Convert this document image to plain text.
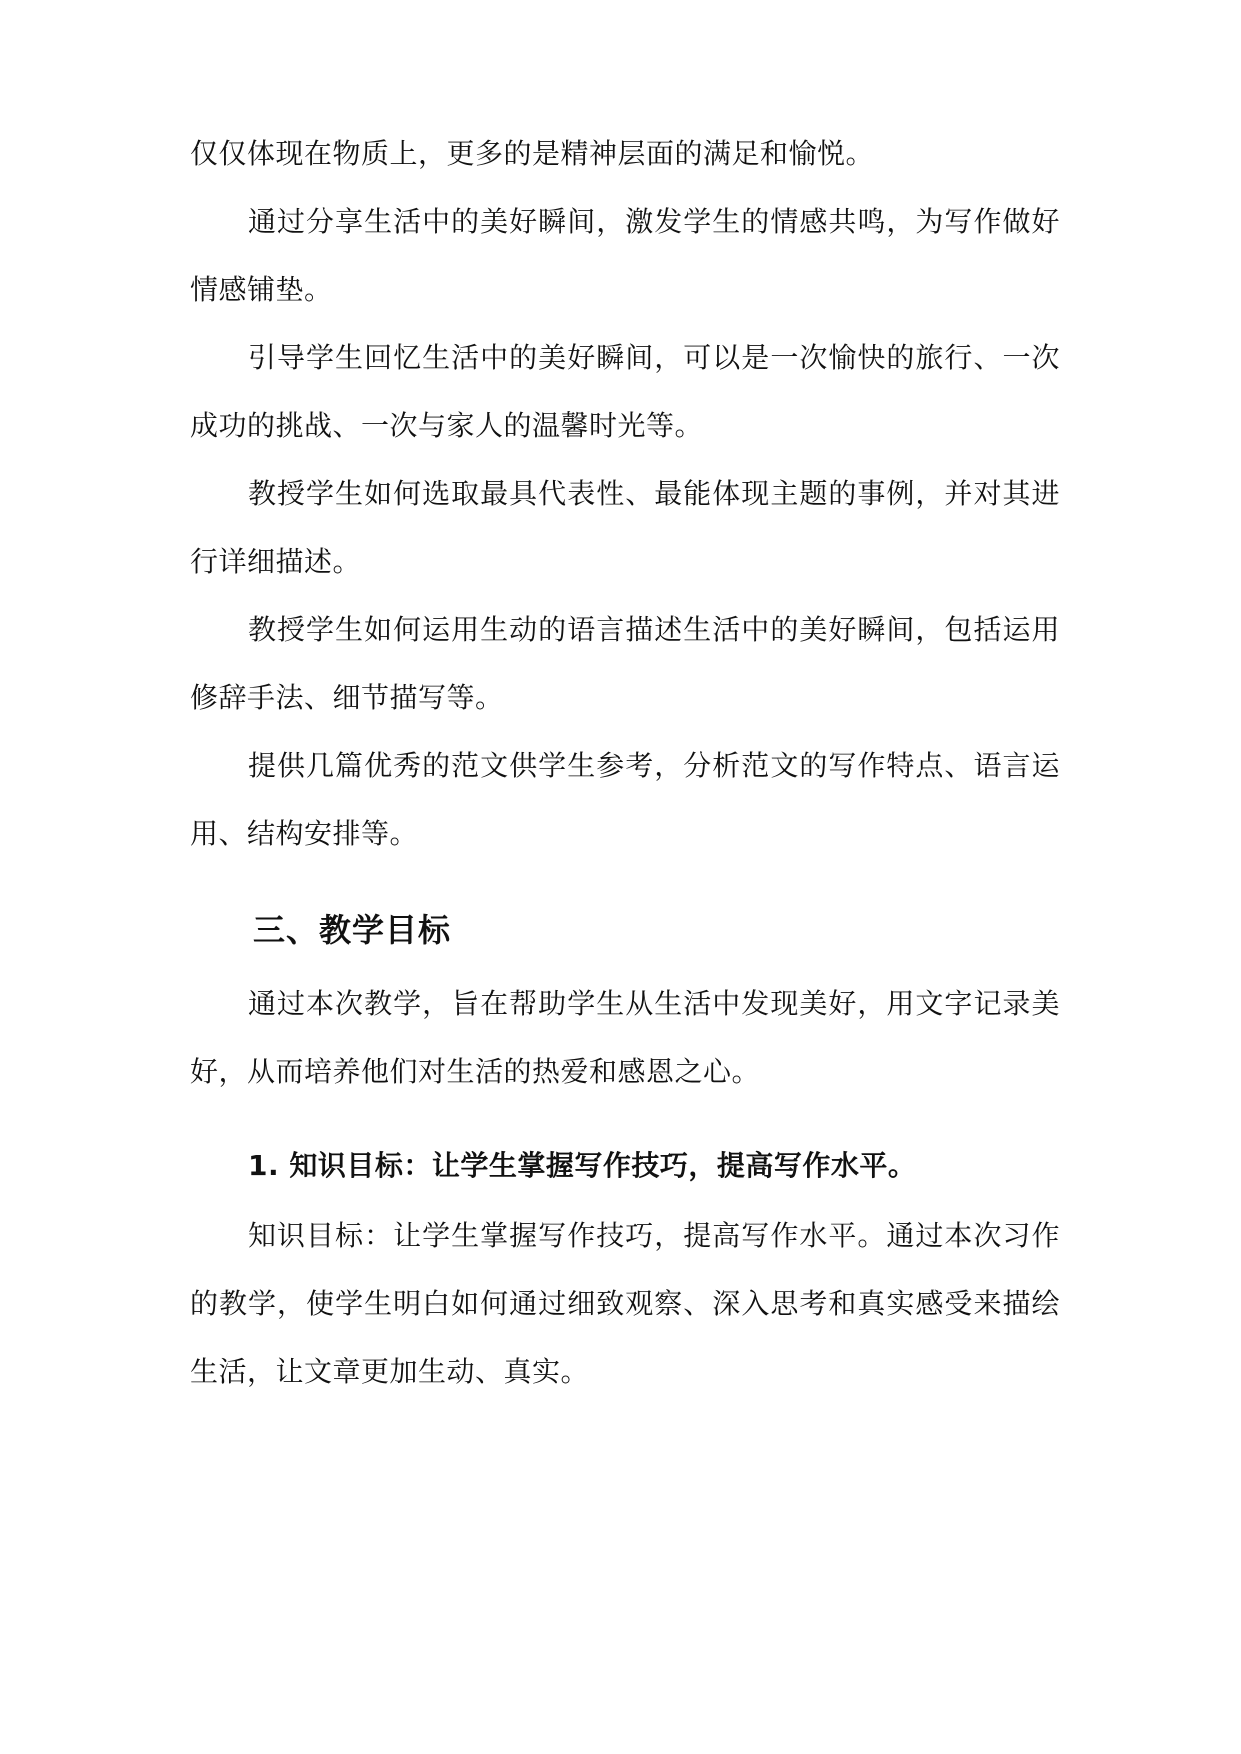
仅仅体现在物质上，更多的是精神层面的满足和愉悦。
通过分享生活中的美好瞬间，激发学生的情感共鸣，为写作做好
情感铺垫。
引导学生回忆生活中的美好瞬间，可以是一次愉快的旅行、一次
成功的挑战、一次与家人的温馨时光等。
教授学生如何选取最具代表性、最能体现主题的事例，并对其进
行详细描述。
教授学生如何运用生动的语言描述生活中的美好瞬间，包括运用
修辞手法、细节描写等。
提供几篇优秀的范文供学生参考，分析范文的写作特点、语言运
用、结构安排等。
三、教学目标
通过本次教学，旨在帮助学生从生活中发现美好，用文字记录美
好，从而培养他们对生活的热爱和感恩之心。
1. 知识目标：让学生掌握写作技巧，提高写作水平。
知识目标：让学生掌握写作技巧，提高写作水平。通过本次习作
的教学，使学生明白如何通过细致观察、深入思考和真实感受来描绘
生活，让文章更加生动、真实。
